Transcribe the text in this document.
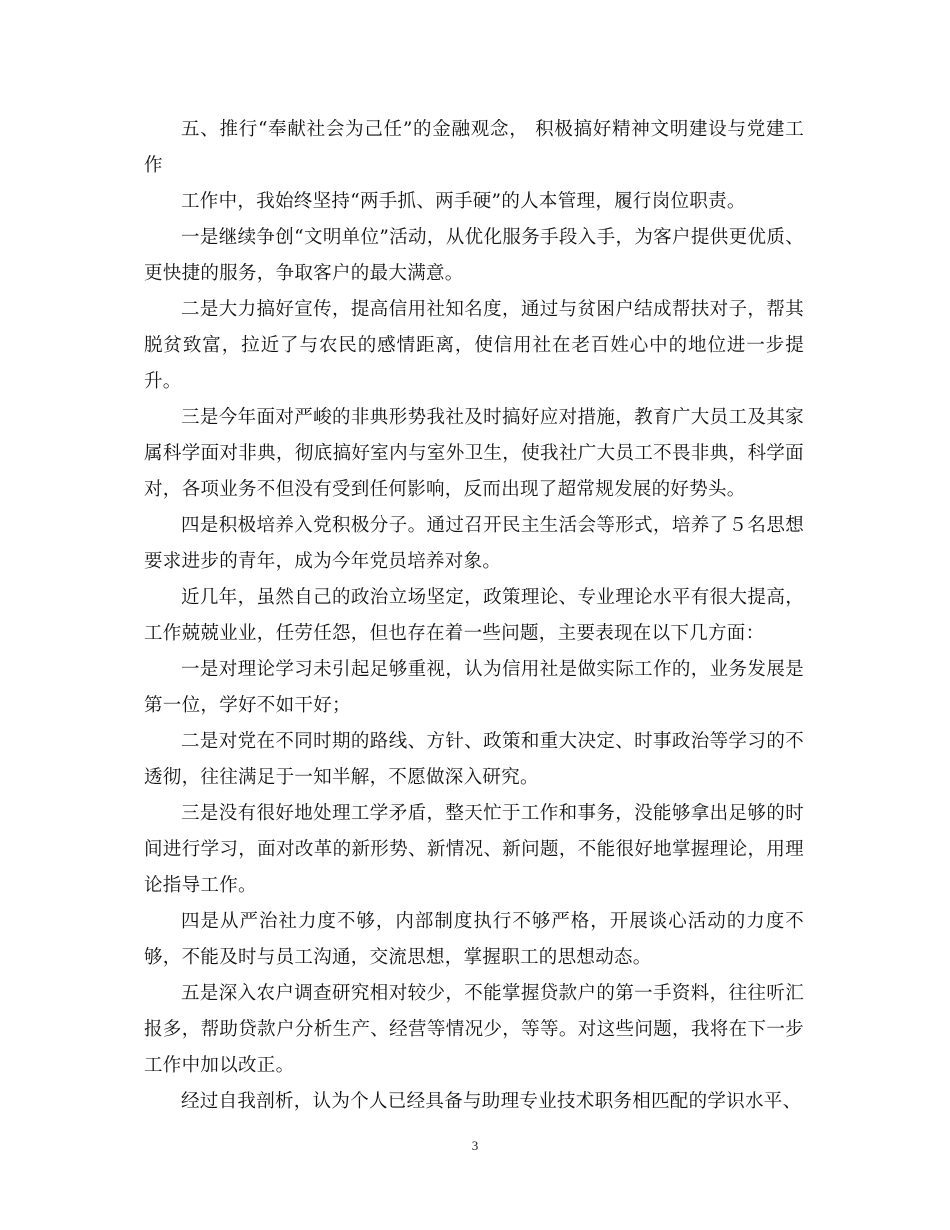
五、推行“奉献社会为己任”的金融观念， 积极搞好精神文明建设与党建工作

工作中，我始终坚持“两手抓、两手硬”的人本管理，履行岗位职责。

一是继续争创“文明单位”活动，从优化服务手段入手，为客户提供更优质、更快捷的服务，争取客户的最大满意。

二是大力搞好宣传，提高信用社知名度，通过与贫困户结成帮扶对子，帮其脱贫致富，拉近了与农民的感情距离，使信用社在老百姓心中的地位进一步提升。

三是今年面对严峻的非典形势我社及时搞好应对措施，教育广大员工及其家属科学面对非典，彻底搞好室内与室外卫生，使我社广大员工不畏非典，科学面对，各项业务不但没有受到任何影响，反而出现了超常规发展的好势头。

四是积极培养入党积极分子。通过召开民主生活会等形式，培养了５名思想要求进步的青年，成为今年党员培养对象。

近几年，虽然自己的政治立场坚定，政策理论、专业理论水平有很大提高，工作兢兢业业，任劳任怨，但也存在着一些问题，主要表现在以下几方面：

一是对理论学习未引起足够重视，认为信用社是做实际工作的，业务发展是第一位，学好不如干好；

二是对党在不同时期的路线、方针、政策和重大决定、时事政治等学习的不透彻，往往满足于一知半解，不愿做深入研究。

三是没有很好地处理工学矛盾，整天忙于工作和事务，没能够拿出足够的时间进行学习，面对改革的新形势、新情况、新问题，不能很好地掌握理论，用理论指导工作。

四是从严治社力度不够，内部制度执行不够严格，开展谈心活动的力度不够，不能及时与员工沟通，交流思想，掌握职工的思想动态。

五是深入农户调查研究相对较少，不能掌握贷款户的第一手资料，往往听汇报多，帮助贷款户分析生产、经营等情况少，等等。对这些问题，我将在下一步工作中加以改正。

经过自我剖析，认为个人已经具备与助理专业技术职务相匹配的学识水平、

3
